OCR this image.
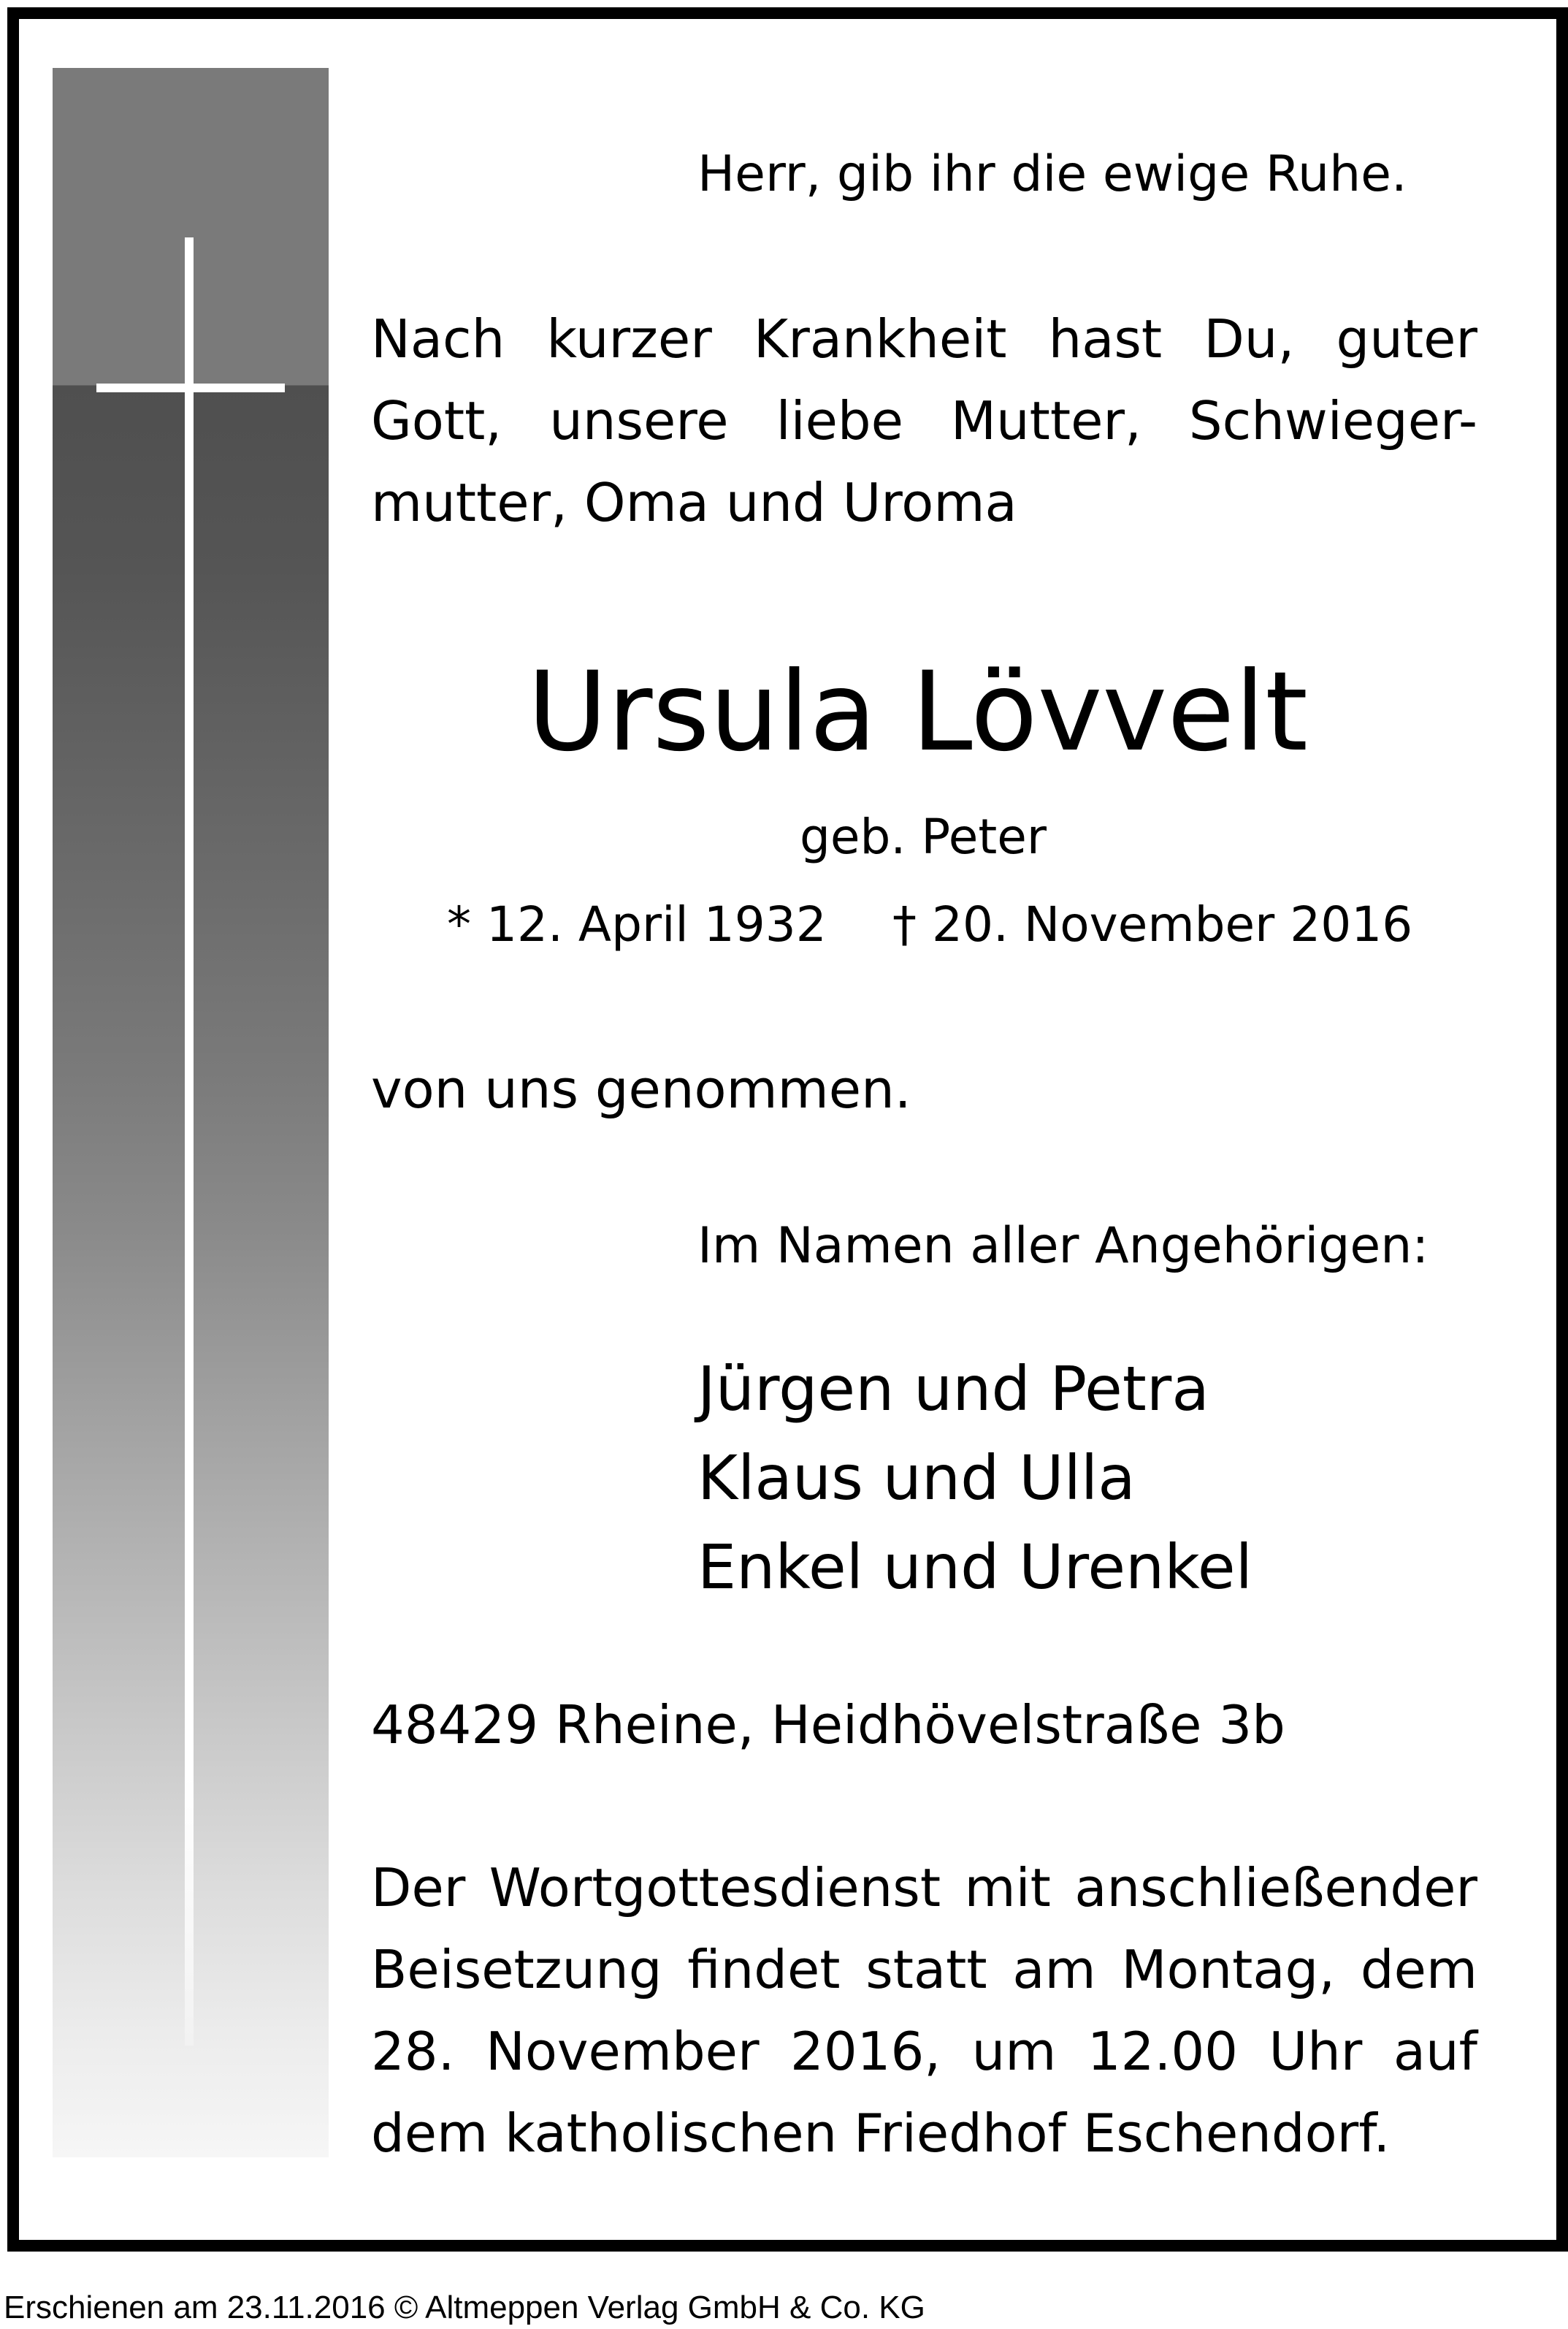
Herr, gib ihr die ewige Ruhe.
Nach kurzer Krankheit hast Du, guter
Gott, unsere liebe Mutter, Schwieger-
mutter, Oma und Uroma
Ursula Lövvelt
geb. Peter
* 12. April 1932 † 20. November 2016
von uns genommen.
Im Namen aller Angehörigen:
Jürgen und Petra
Klaus und Ulla
Enkel und Urenkel
48429 Rheine, Heidhövelstraße 3b
Der Wortgottesdienst mit anschließender
Beisetzung findet statt am Montag, dem
28. November 2016, um 12.00 Uhr auf
dem katholischen Friedhof Eschendorf.
Erschienen am 23.11.2016 © Altmeppen Verlag GmbH & Co. KG
